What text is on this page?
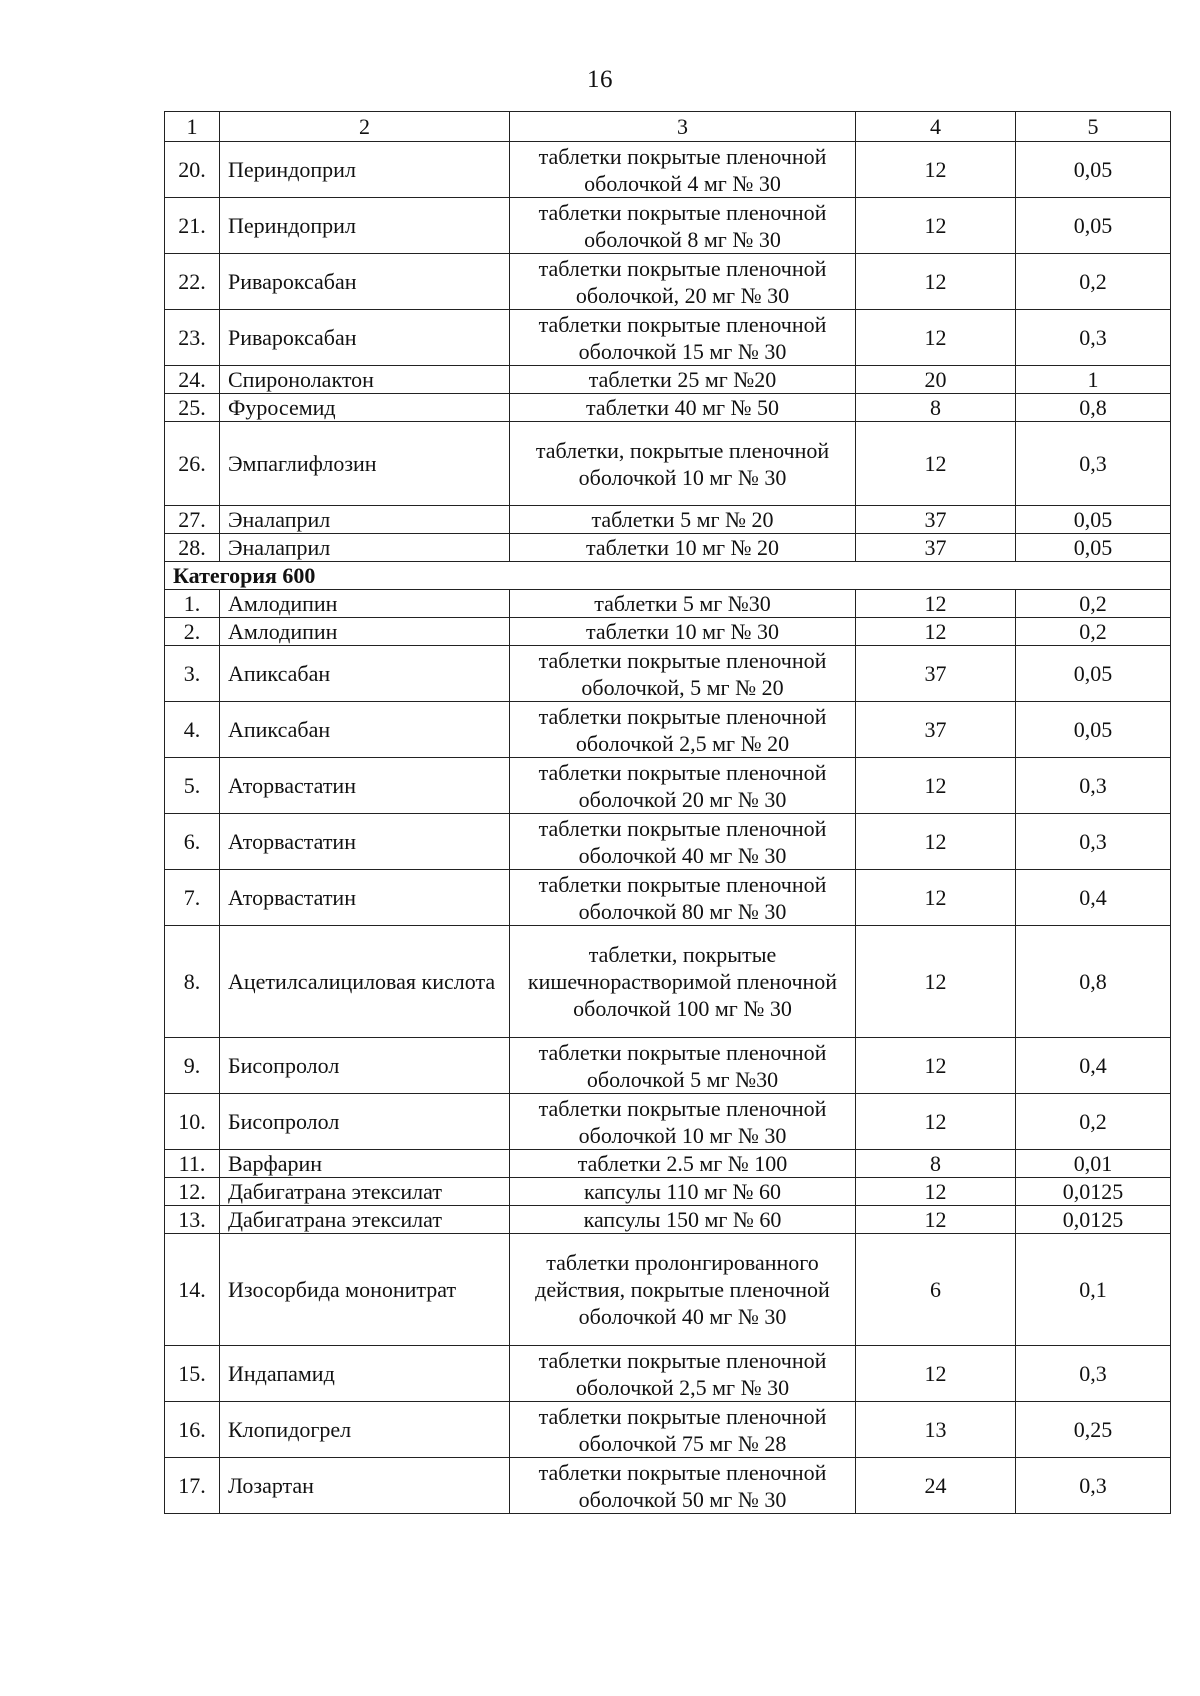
16
1	2	3	4	5
20.	Периндоприл	таблетки покрытые пленочной оболочкой 4 мг № 30	12	0,05
21.	Периндоприл	таблетки покрытые пленочной оболочкой 8 мг № 30	12	0,05
22.	Ривароксабан	таблетки покрытые пленочной оболочкой, 20 мг № 30	12	0,2
23.	Ривароксабан	таблетки покрытые пленочной оболочкой 15 мг № 30	12	0,3
24.	Спиронолактон	таблетки 25 мг №20	20	1
25.	Фуросемид	таблетки 40 мг № 50	8	0,8
26.	Эмпаглифлозин	таблетки, покрытые пленочной оболочкой 10 мг № 30	12	0,3
27.	Эналаприл	таблетки 5 мг № 20	37	0,05
28.	Эналаприл	таблетки 10 мг № 20	37	0,05
Категория 600				
1.	Амлодипин	таблетки 5 мг №30	12	0,2
2.	Амлодипин	таблетки 10 мг № 30	12	0,2
3.	Апиксабан	таблетки покрытые пленочной оболочкой, 5 мг № 20	37	0,05
4.	Апиксабан	таблетки покрытые пленочной оболочкой 2,5 мг № 20	37	0,05
5.	Аторвастатин	таблетки покрытые пленочной оболочкой 20 мг № 30	12	0,3
6.	Аторвастатин	таблетки покрытые пленочной оболочкой 40 мг № 30	12	0,3
7.	Аторвастатин	таблетки покрытые пленочной оболочкой 80 мг № 30	12	0,4
8.	Ацетилсалициловая кислота	таблетки, покрытые кишечнорастворимой пленочной оболочкой 100 мг № 30	12	0,8
9.	Бисопролол	таблетки покрытые пленочной оболочкой 5 мг №30	12	0,4
10.	Бисопролол	таблетки покрытые пленочной оболочкой 10 мг № 30	12	0,2
11.	Варфарин	таблетки 2.5 мг № 100	8	0,01
12.	Дабигатрана этексилат	капсулы 110 мг № 60	12	0,0125
13.	Дабигатрана этексилат	капсулы 150 мг № 60	12	0,0125
14.	Изосорбида мононитрат	таблетки пролонгированного действия, покрытые пленочной оболочкой 40 мг № 30	6	0,1
15.	Индапамид	таблетки покрытые пленочной оболочкой 2,5 мг № 30	12	0,3
16.	Клопидогрел	таблетки покрытые пленочной оболочкой 75 мг № 28	13	0,25
17.	Лозартан	таблетки покрытые пленочной оболочкой 50 мг № 30	24	0,3
